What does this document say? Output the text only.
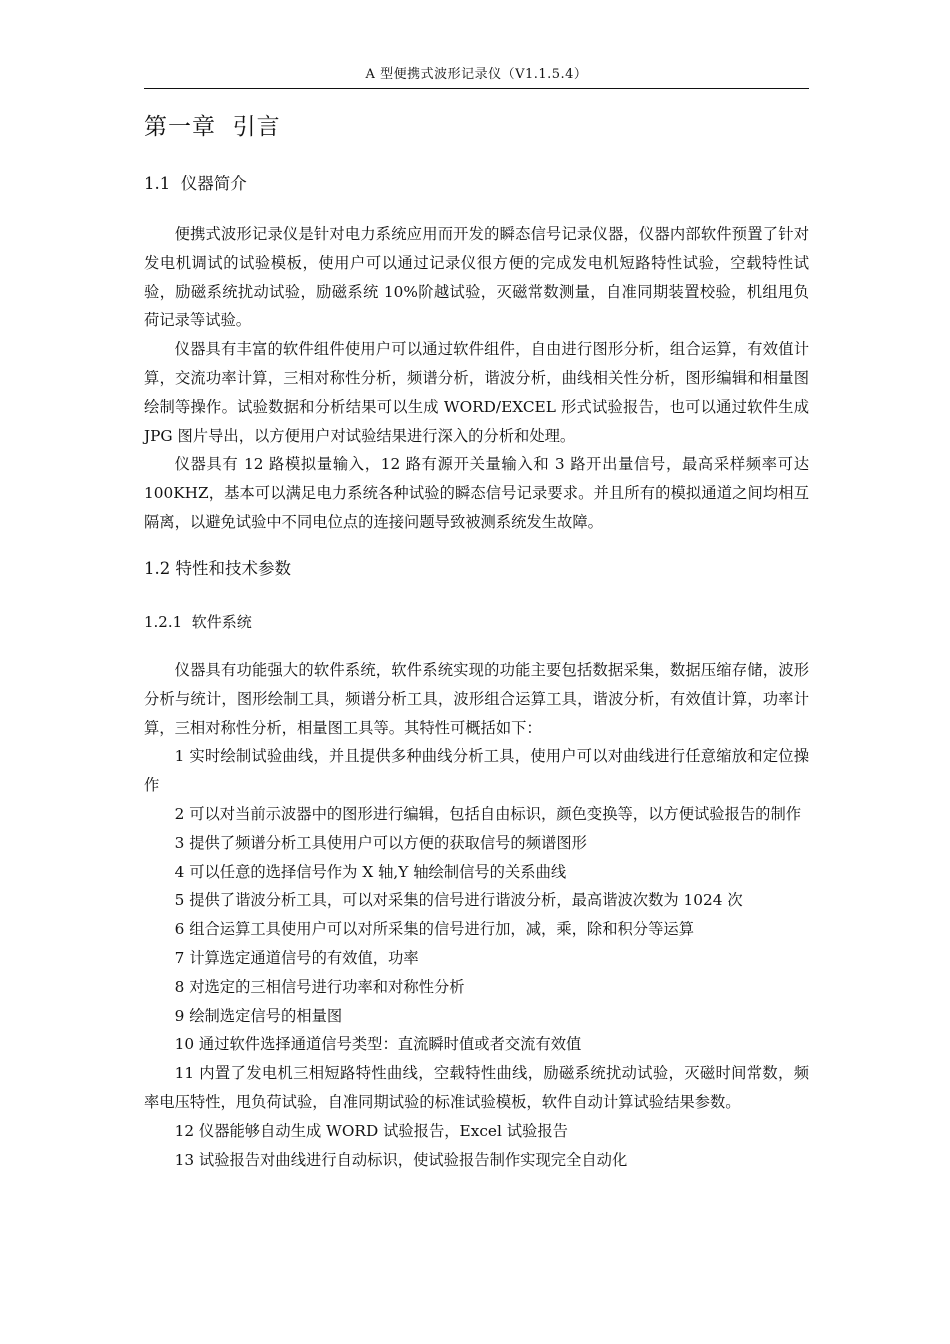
A 型便携式波形记录仪（V1.1.5.4）
第一章  引言
1.1  仪器简介

便携式波形记录仪是针对电力系统应用而开发的瞬态信号记录仪器，仪器内部软件预置了针对发电机调试的试验模板，使用户可以通过记录仪很方便的完成发电机短路特性试验，空载特性试验，励磁系统扰动试验，励磁系统 10%阶越试验，灭磁常数测量，自准同期装置校验，机组甩负荷记录等试验。

仪器具有丰富的软件组件使用户可以通过软件组件，自由进行图形分析，组合运算，有效值计算，交流功率计算，三相对称性分析，频谱分析，谐波分析，曲线相关性分析，图形编辑和相量图绘制等操作。试验数据和分析结果可以生成 WORD/EXCEL 形式试验报告，也可以通过软件生成 JPG 图片导出，以方便用户对试验结果进行深入的分析和处理。

仪器具有 12 路模拟量输入，12 路有源开关量输入和 3 路开出量信号，最高采样频率可达 100KHZ，基本可以满足电力系统各种试验的瞬态信号记录要求。并且所有的模拟通道之间均相互隔离，以避免试验中不同电位点的连接问题导致被测系统发生故障。

1.2 特性和技术参数
1.2.1  软件系统

仪器具有功能强大的软件系统，软件系统实现的功能主要包括数据采集，数据压缩存储，波形分析与统计，图形绘制工具，频谱分析工具，波形组合运算工具，谐波分析，有效值计算，功率计算，三相对称性分析，相量图工具等。其特性可概括如下：

1 实时绘制试验曲线，并且提供多种曲线分析工具，使用户可以对曲线进行任意缩放和定位操作

2 可以对当前示波器中的图形进行编辑，包括自由标识，颜色变换等，以方便试验报告的制作

3 提供了频谱分析工具使用户可以方便的获取信号的频谱图形

4 可以任意的选择信号作为 X 轴,Y 轴绘制信号的关系曲线

5 提供了谐波分析工具，可以对采集的信号进行谐波分析，最高谐波次数为 1024 次

6 组合运算工具使用户可以对所采集的信号进行加，减，乘，除和积分等运算

7 计算选定通道信号的有效值，功率

8 对选定的三相信号进行功率和对称性分析

9 绘制选定信号的相量图

10 通过软件选择通道信号类型：直流瞬时值或者交流有效值

11 内置了发电机三相短路特性曲线，空载特性曲线，励磁系统扰动试验，灭磁时间常数，频率电压特性，甩负荷试验，自准同期试验的标准试验模板，软件自动计算试验结果参数。

12 仪器能够自动生成 WORD 试验报告，Excel 试验报告

13 试验报告对曲线进行自动标识，使试验报告制作实现完全自动化
